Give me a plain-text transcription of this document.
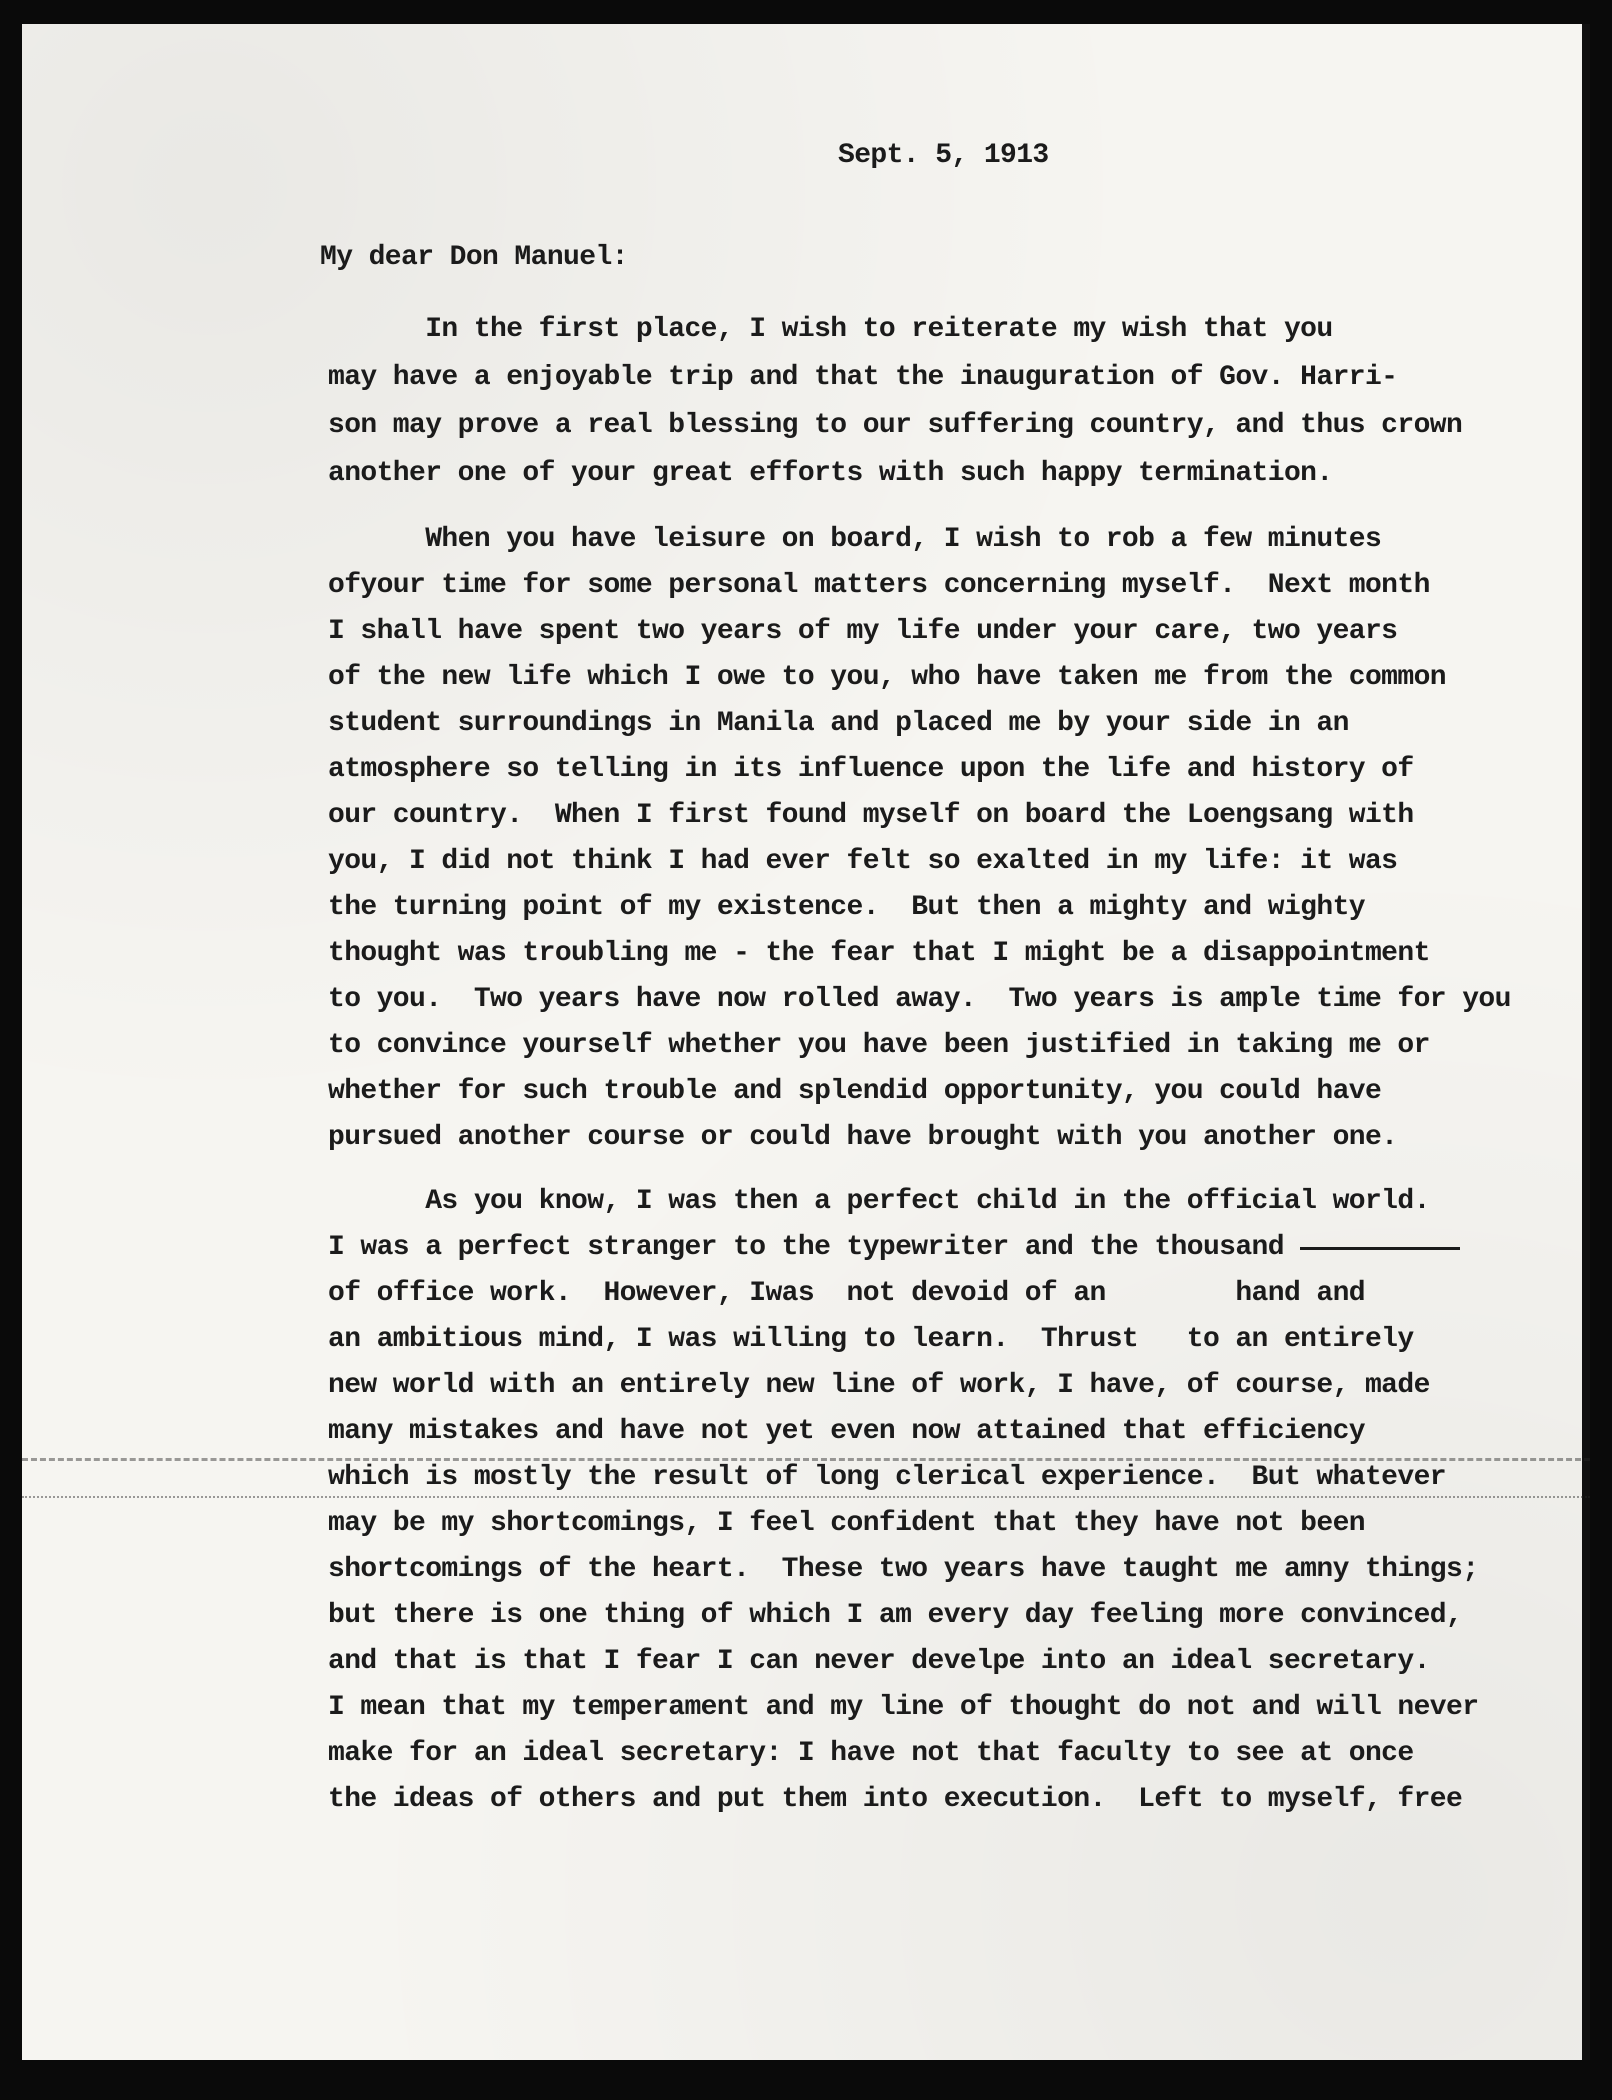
Sept. 5, 1913
My dear Don Manuel:
In the first place, I wish to reiterate my wish that you
may have a enjoyable trip and that the inauguration of Gov. Harri-
son may prove a real blessing to our suffering country, and thus crown
another one of your great efforts with such happy termination.
When you have leisure on board, I wish to rob a few minutes
ofyour time for some personal matters concerning myself.  Next month
I shall have spent two years of my life under your care, two years
of the new life which I owe to you, who have taken me from the common
student surroundings in Manila and placed me by your side in an
atmosphere so telling in its influence upon the life and history of
our country.  When I first found myself on board the Loengsang with
you, I did not think I had ever felt so exalted in my life: it was
the turning point of my existence.  But then a mighty and wighty
thought was troubling me - the fear that I might be a disappointment
to you.  Two years have now rolled away.  Two years is ample time for you
to convince yourself whether you have been justified in taking me or
whether for such trouble and splendid opportunity, you could have
pursued another course or could have brought with you another one.
As you know, I was then a perfect child in the official world.
I was a perfect stranger to the typewriter and the thousand
of office work.  However, Iwas  not devoid of an        hand and
an ambitious mind, I was willing to learn.  Thrust   to an entirely
new world with an entirely new line of work, I have, of course, made
many mistakes and have not yet even now attained that efficiency
which is mostly the result of long clerical experience.  But whatever
may be my shortcomings, I feel confident that they have not been
shortcomings of the heart.  These two years have taught me amny things;
but there is one thing of which I am every day feeling more convinced,
and that is that I fear I can never develpe into an ideal secretary.
I mean that my temperament and my line of thought do not and will never
make for an ideal secretary: I have not that faculty to see at once
the ideas of others and put them into execution.  Left to myself, free
